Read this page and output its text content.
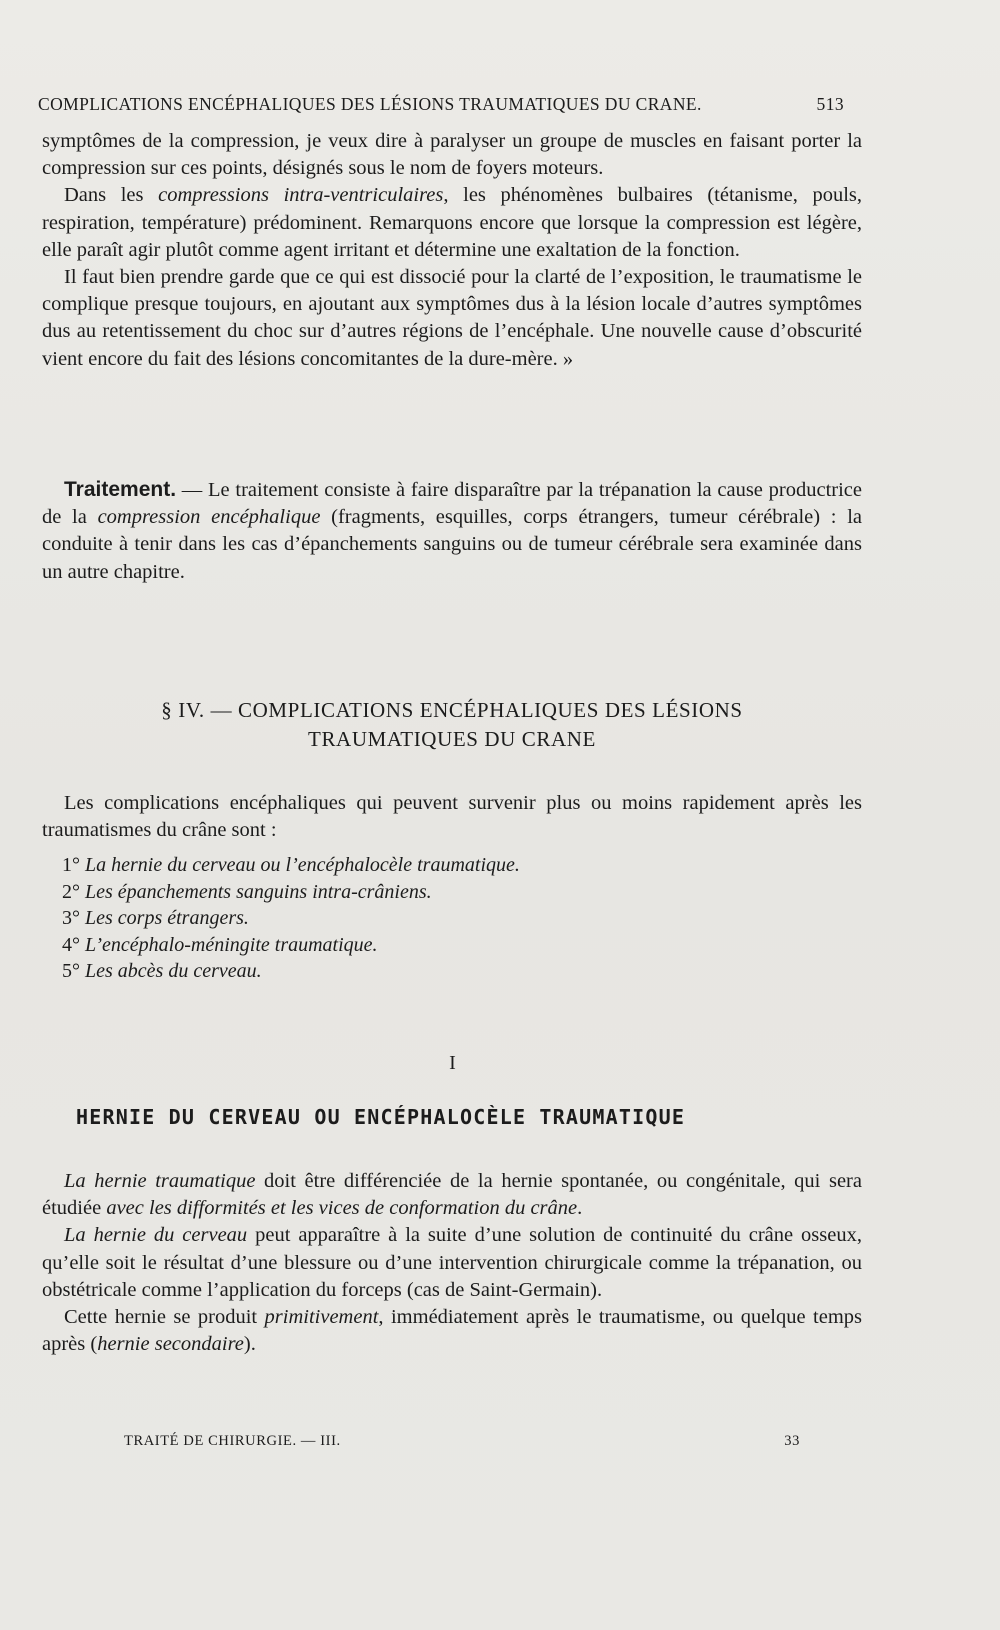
COMPLICATIONS ENCÉPHALIQUES DES LÉSIONS TRAUMATIQUES DU CRANE.	513

symptômes de la compression, je veux dire à paralyser un groupe de muscles en faisant porter la compression sur ces points, désignés sous le nom de foyers moteurs.

Dans les compressions intra-ventriculaires, les phénomènes bulbaires (tétanisme, pouls, respiration, température) prédominent. Remarquons encore que lorsque la compression est légère, elle paraît agir plutôt comme agent irritant et détermine une exaltation de la fonction.

Il faut bien prendre garde que ce qui est dissocié pour la clarté de l’exposition, le traumatisme le complique presque toujours, en ajoutant aux symptômes dus à la lésion locale d’autres symptômes dus au retentissement du choc sur d’autres régions de l’encéphale. Une nouvelle cause d’obscurité vient encore du fait des lésions concomitantes de la dure-mère. »

Traitement. — Le traitement consiste à faire disparaître par la trépanation la cause productrice de la compression encéphalique (fragments, esquilles, corps étrangers, tumeur cérébrale) : la conduite à tenir dans les cas d’épanchements sanguins ou de tumeur cérébrale sera examinée dans un autre chapitre.

§ IV. — COMPLICATIONS ENCÉPHALIQUES DES LÉSIONS
TRAUMATIQUES DU CRANE

Les complications encéphaliques qui peuvent survenir plus ou moins rapidement après les traumatismes du crâne sont :

1° La hernie du cerveau ou l’encéphalocèle traumatique.
2° Les épanchements sanguins intra-crâniens.
3° Les corps étrangers.
4° L’encéphalo-méningite traumatique.
5° Les abcès du cerveau.
I
HERNIE DU CERVEAU OU ENCÉPHALOCÈLE TRAUMATIQUE

La hernie traumatique doit être différenciée de la hernie spontanée, ou congénitale, qui sera étudiée avec les difformités et les vices de conformation du crâne.

La hernie du cerveau peut apparaître à la suite d’une solution de continuité du crâne osseux, qu’elle soit le résultat d’une blessure ou d’une intervention chirurgicale comme la trépanation, ou obstétricale comme l’application du forceps (cas de Saint-Germain).

Cette hernie se produit primitivement, immédiatement après le traumatisme, ou quelque temps après (hernie secondaire).

TRAITÉ DE CHIRURGIE. — III.	33
